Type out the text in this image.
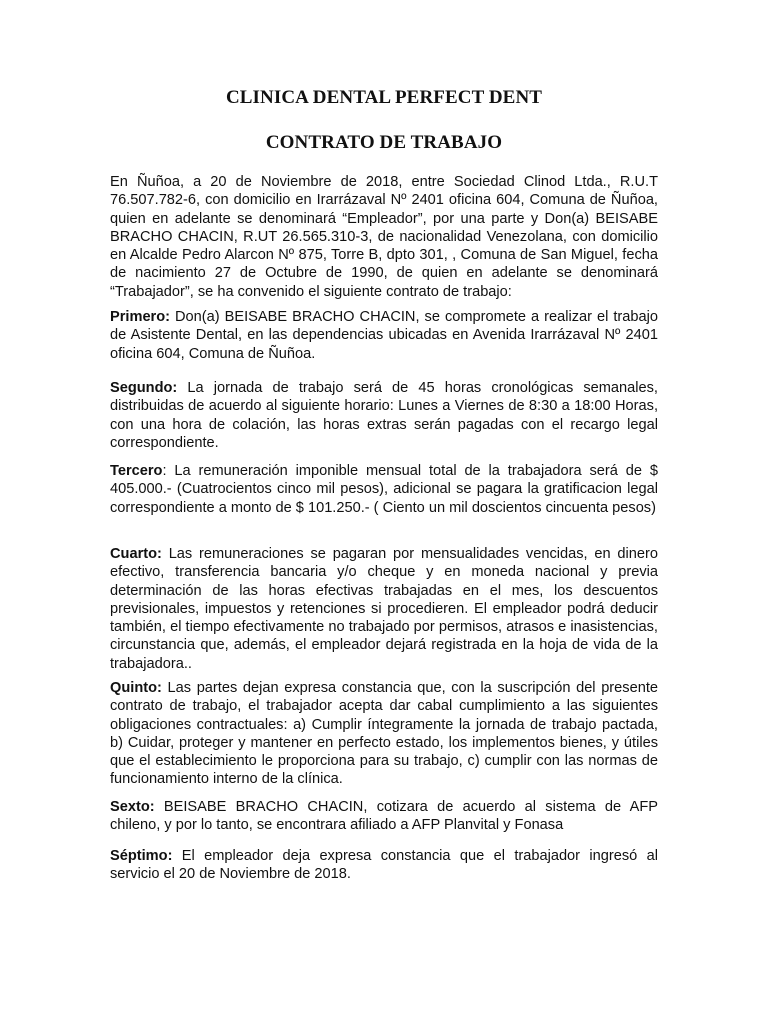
CLINICA DENTAL PERFECT DENT
CONTRATO DE TRABAJO

En Ñuñoa, a 20 de Noviembre de 2018, entre Sociedad Clinod Ltda., R.U.T 76.507.782-6, con domicilio en Irarrázaval Nº 2401 oficina 604, Comuna de Ñuñoa, quien en adelante se denominará “Empleador”, por una parte y Don(a) BEISABE BRACHO CHACIN, R.UT 26.565.310-3, de nacionalidad Venezolana, con domicilio en Alcalde Pedro Alarcon Nº 875, Torre B, dpto 301, , Comuna de San Miguel, fecha de nacimiento 27 de Octubre de 1990, de quien en adelante se denominará “Trabajador”, se ha convenido el siguiente contrato de trabajo:

Primero: Don(a) BEISABE BRACHO CHACIN, se compromete a realizar el trabajo de Asistente Dental, en las dependencias ubicadas en Avenida Irarrázaval Nº 2401 oficina 604, Comuna de Ñuñoa.

Segundo: La jornada de trabajo será de 45 horas cronológicas semanales, distribuidas de acuerdo al siguiente horario: Lunes a Viernes de 8:30 a 18:00 Horas, con una hora de colación, las horas extras serán pagadas con el recargo legal correspondiente.

Tercero: La remuneración imponible mensual total de la trabajadora será de $ 405.000.- (Cuatrocientos cinco mil pesos), adicional se pagara la gratificacion legal correspondiente a monto de $ 101.250.- ( Ciento un mil doscientos cincuenta pesos)

Cuarto: Las remuneraciones se pagaran por mensualidades vencidas, en dinero efectivo, transferencia bancaria y/o cheque y en moneda nacional y previa determinación de las horas efectivas trabajadas en el mes, los descuentos previsionales, impuestos y retenciones si procedieren. El empleador podrá deducir también, el tiempo efectivamente no trabajado por permisos, atrasos e inasistencias, circunstancia que, además, el empleador dejará registrada en la hoja de vida de la trabajadora..

Quinto: Las partes dejan expresa constancia que, con la suscripción del presente contrato de trabajo, el trabajador acepta dar cabal cumplimiento a las siguientes obligaciones contractuales: a) Cumplir íntegramente la jornada de trabajo pactada, b) Cuidar, proteger y mantener en perfecto estado, los implementos bienes, y útiles que el establecimiento le proporciona para su trabajo, c) cumplir con las normas de funcionamiento interno de la clínica.

Sexto: BEISABE BRACHO CHACIN, cotizara de acuerdo al sistema de AFP chileno, y por lo tanto, se encontrara afiliado a AFP Planvital y Fonasa

Séptimo: El empleador deja expresa constancia que el trabajador ingresó al servicio el 20 de Noviembre de 2018.
